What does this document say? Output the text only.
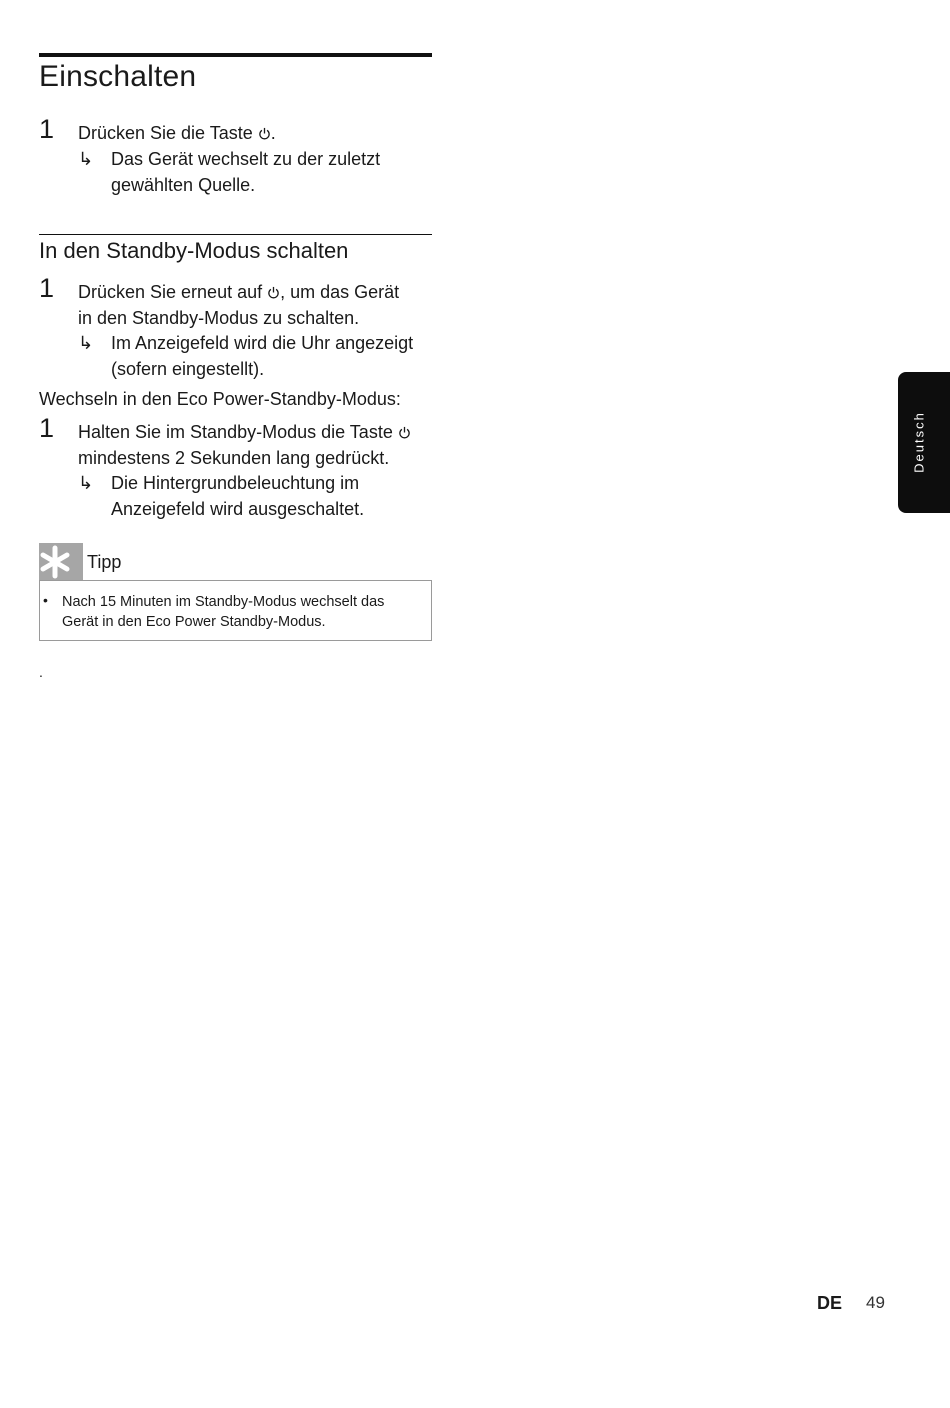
Einschalten
1 Drücken Sie die Taste .
↳ Das Gerät wechselt zu der zuletzt
gewählten Quelle.
In den Standby-Modus schalten
1 Drücken Sie erneut auf , um das Gerät
in den Standby-Modus zu schalten.
↳ Im Anzeigefeld wird die Uhr angezeigt
(sofern eingestellt).
Wechseln in den Eco Power-Standby-Modus:
1 Halten Sie im Standby-Modus die Taste
mindestens 2 Sekunden lang gedrückt.
↳ Die Hintergrundbeleuchtung im
Anzeigefeld wird ausgeschaltet.
Tipp
• Nach 15 Minuten im Standby-Modus wechselt das
Gerät in den Eco Power Standby-Modus.
.
Deutsch
DE 49
